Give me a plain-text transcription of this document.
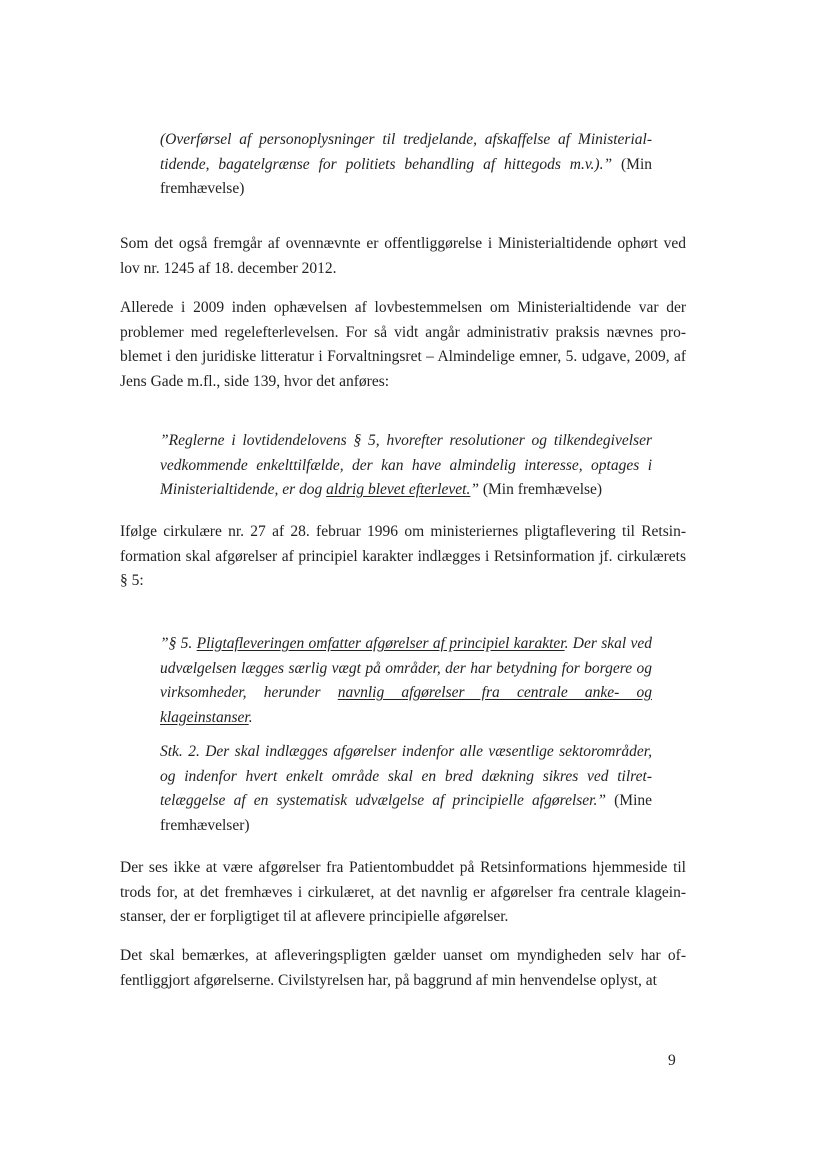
(Overførsel af personoplysninger til tredjelande, afskaffelse af Ministerialtidende, bagatelgrænse for politiets behandling af hittegods m.v.).” (Min fremhævelse)

Som det også fremgår af ovennævnte er offentliggørelse i Ministerialtidende ophørt ved lov nr. 1245 af 18. december 2012.

Allerede i 2009 inden ophævelsen af lovbestemmelsen om Ministerialtidende var der problemer med regelefterlevelsen. For så vidt angår administrativ praksis nævnes problemet i den juridiske litteratur i Forvaltningsret – Almindelige emner, 5. udgave, 2009, af Jens Gade m.fl., side 139, hvor det anføres:

”Reglerne i lovtidendelovens § 5, hvorefter resolutioner og tilkendegivelser vedkommende enkelttilfælde, der kan have almindelig interesse, optages i Ministerialtidende, er dog aldrig blevet efterlevet.” (Min fremhævelse)

Ifølge cirkulære nr. 27 af 28. februar 1996 om ministeriernes pligtaflevering til Retsinformation skal afgørelser af principiel karakter indlægges i Retsinformation jf. cirkulærets § 5:

”§ 5. Pligtafleveringen omfatter afgørelser af principiel karakter. Der skal ved udvælgelsen lægges særlig vægt på områder, der har betydning for borgere og virksomheder, herunder navnlig afgørelser fra centrale anke- og klageinstanser.
Stk. 2. Der skal indlægges afgørelser indenfor alle væsentlige sektorområder, og indenfor hvert enkelt område skal en bred dækning sikres ved tilrettelæggelse af en systematisk udvælgelse af principielle afgørelser.” (Mine fremhævelser)

Der ses ikke at være afgørelser fra Patientombuddet på Retsinformations hjemmeside til trods for, at det fremhæves i cirkulæret, at det navnlig er afgørelser fra centrale klageinstanser, der er forpligtiget til at aflevere principielle afgørelser.

Det skal bemærkes, at afleveringspligten gælder uanset om myndigheden selv har offentliggjort afgørelserne. Civilstyrelsen har, på baggrund af min henvendelse oplyst, at

9
